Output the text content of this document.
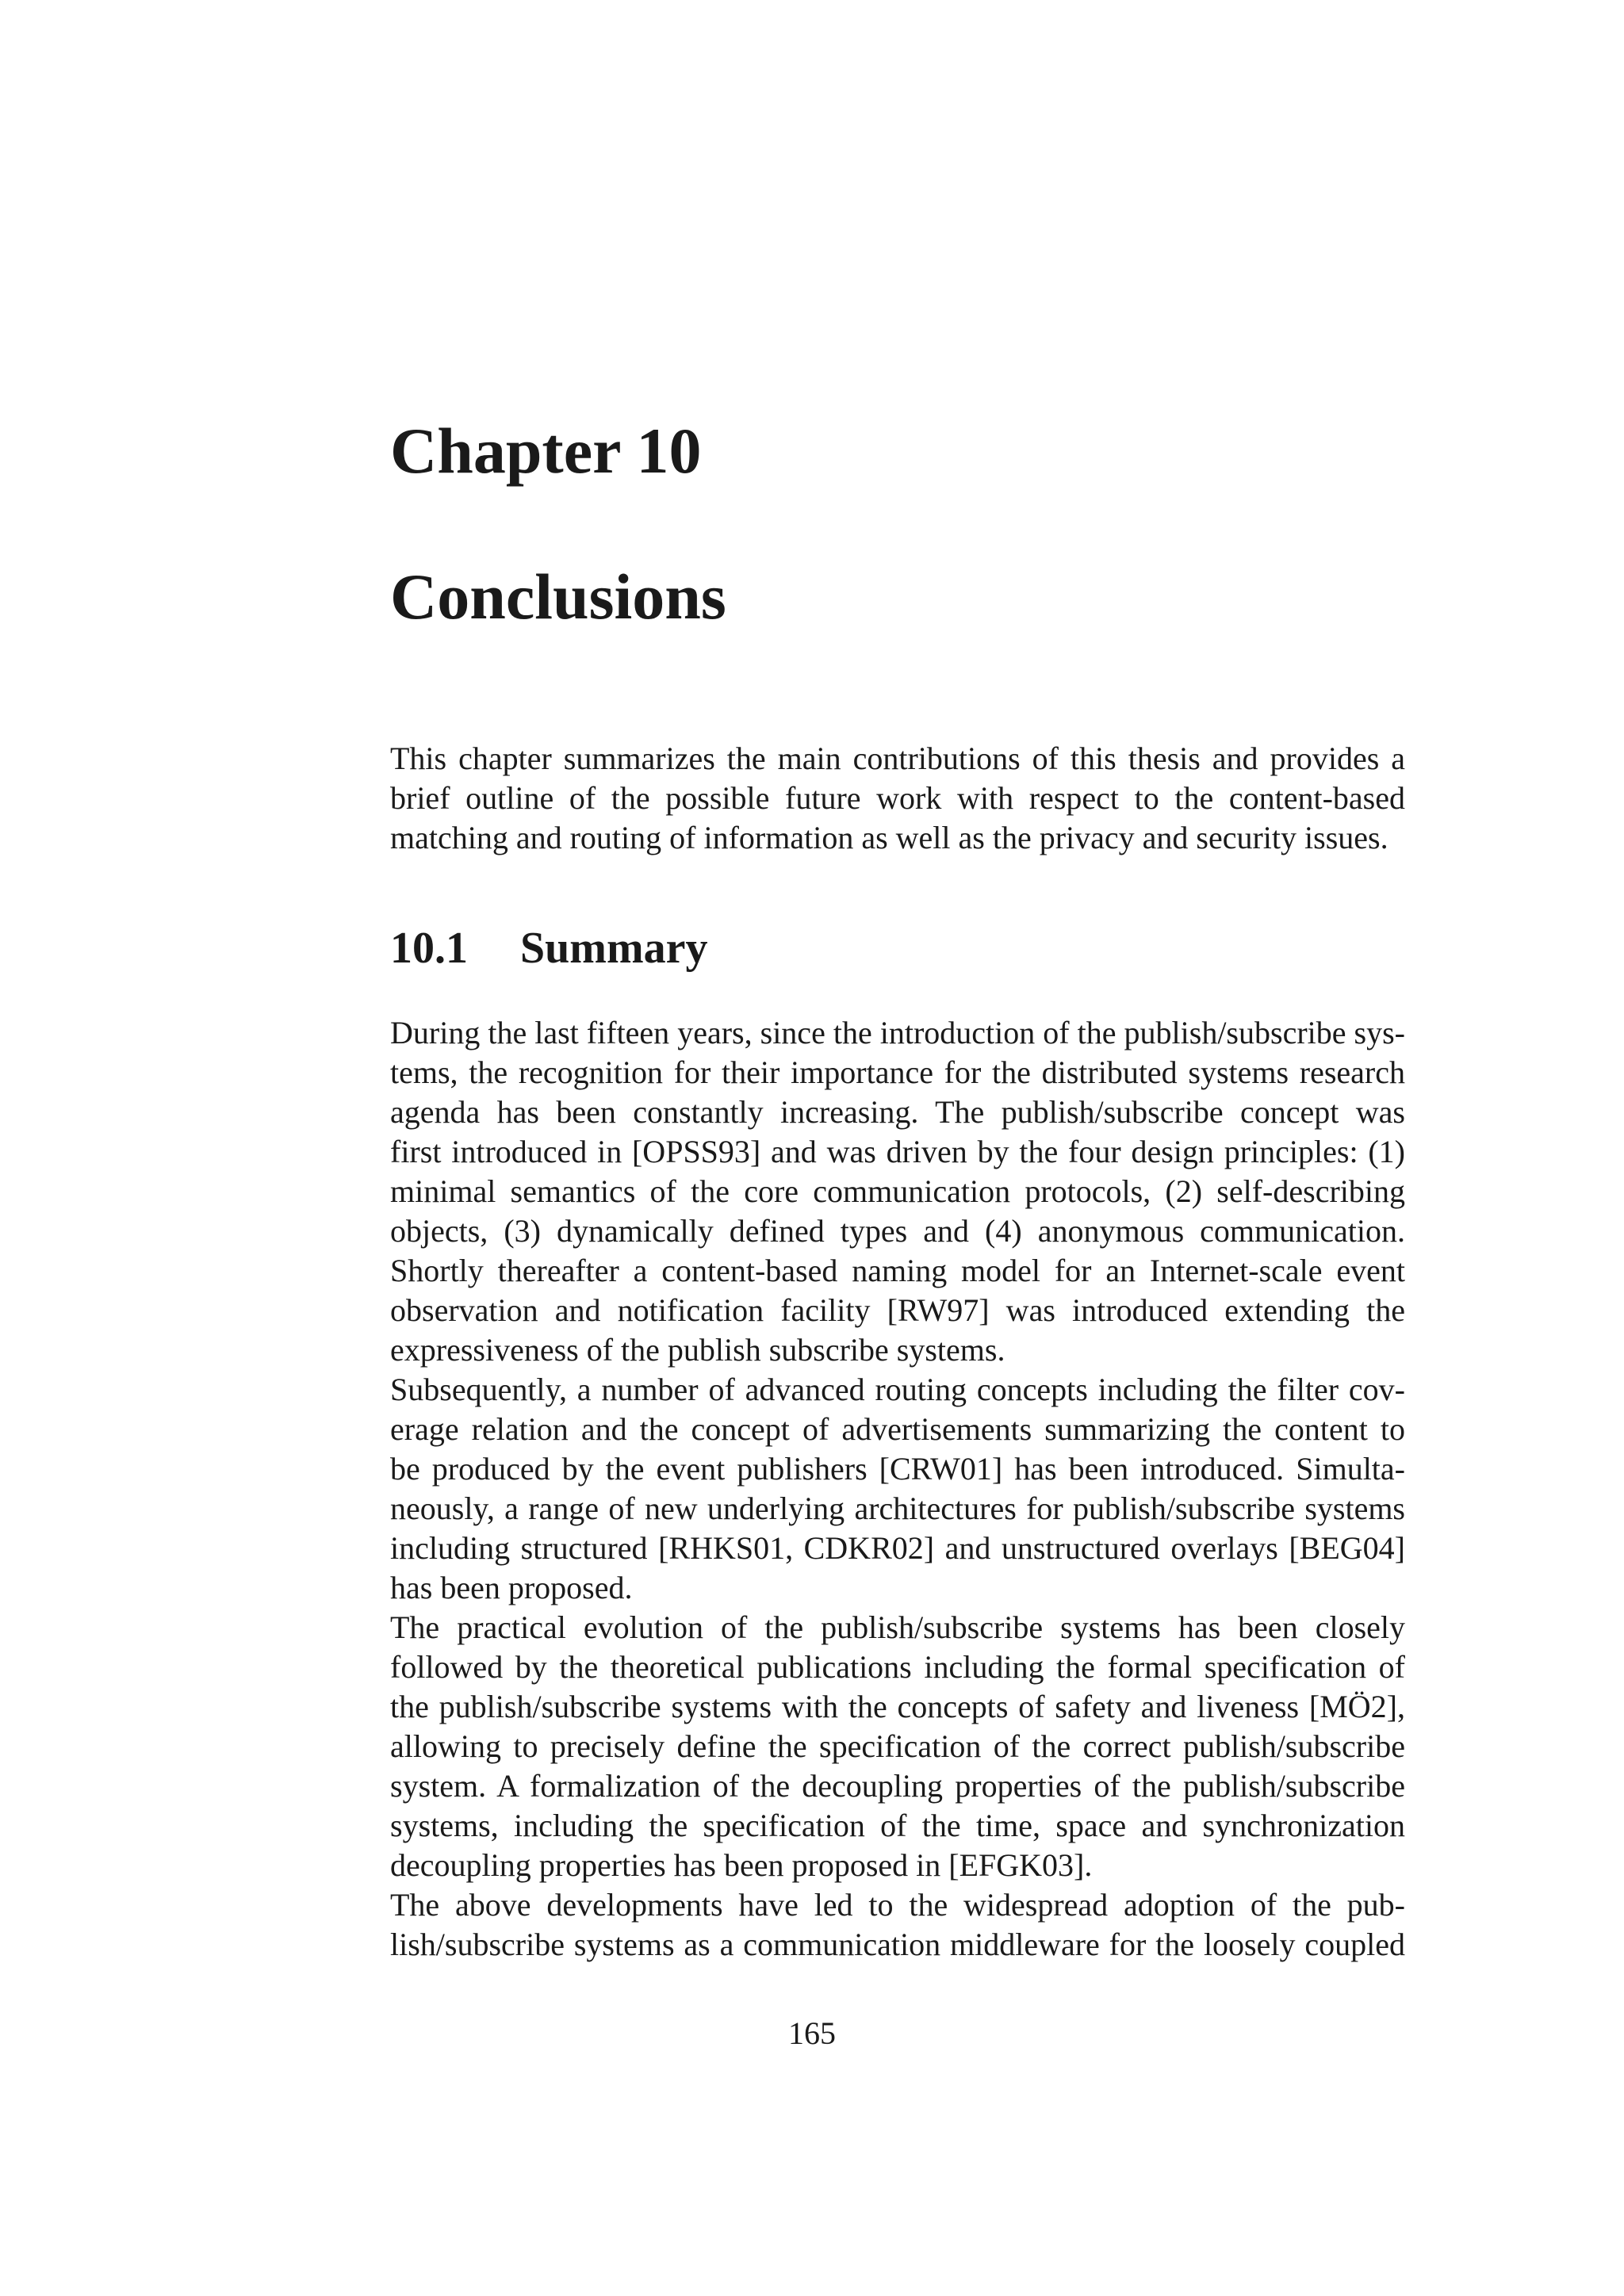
Chapter 10
Conclusions

This chapter summarizes the main contributions of this thesis and provides a brief outline of the possible future work with respect to the content-based matching and routing of information as well as the privacy and security issues.

10.1 Summary
During the last fifteen years, since the introduction of the publish/subscribe sys-
tems, the recognition for their importance for the distributed systems research
agenda has been constantly increasing. The publish/subscribe concept was
first introduced in [OPSS93] and was driven by the four design principles: (1)
minimal semantics of the core communication protocols, (2) self-describing
objects, (3) dynamically defined types and (4) anonymous communication.
Shortly thereafter a content-based naming model for an Internet-scale event
observation and notification facility [RW97] was introduced extending the
expressiveness of the publish subscribe systems.
Subsequently, a number of advanced routing concepts including the filter cov-
erage relation and the concept of advertisements summarizing the content to
be produced by the event publishers [CRW01] has been introduced. Simulta-
neously, a range of new underlying architectures for publish/subscribe systems
including structured [RHKS01, CDKR02] and unstructured overlays [BEG04]
has been proposed.
The practical evolution of the publish/subscribe systems has been closely
followed by the theoretical publications including the formal specification of
the publish/subscribe systems with the concepts of safety and liveness [MÖ2],
allowing to precisely define the specification of the correct publish/subscribe
system. A formalization of the decoupling properties of the publish/subscribe
systems, including the specification of the time, space and synchronization
decoupling properties has been proposed in [EFGK03].
The above developments have led to the widespread adoption of the pub-
lish/subscribe systems as a communication middleware for the loosely coupled

165
